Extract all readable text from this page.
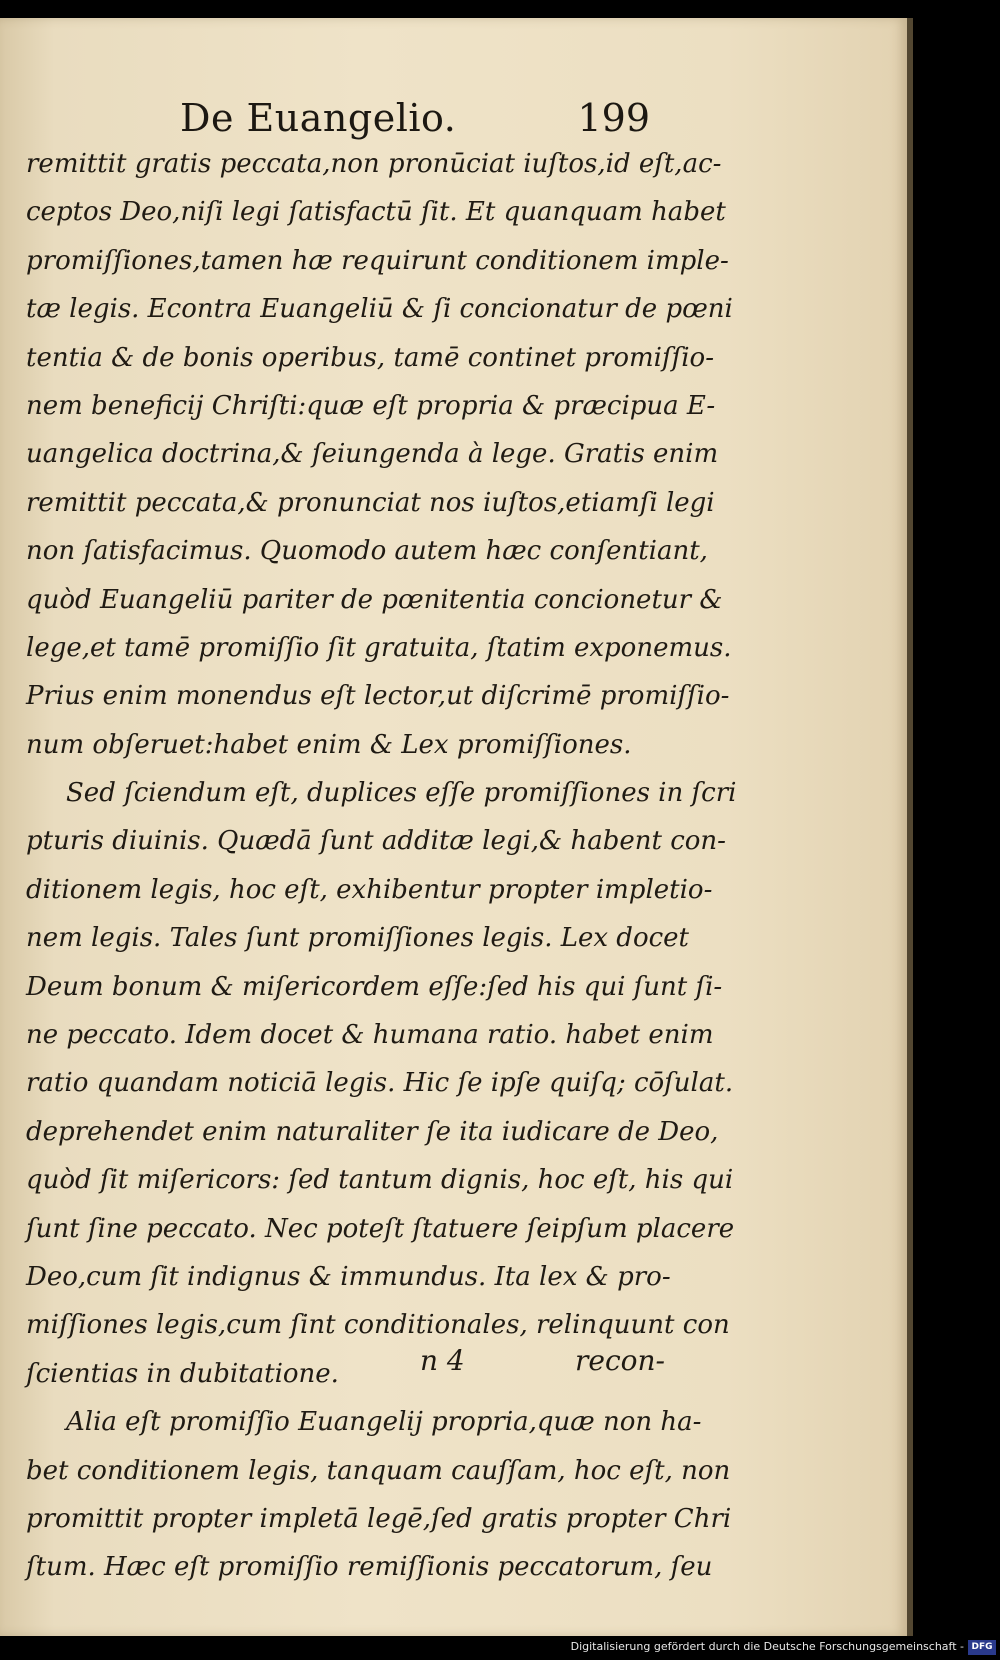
De Euangelio.	199
remittit gratis peccata,non pronūciat iuſtos,id eſt,ac-
ceptos Deo,niſi legi ſatisfactū ſit. Et quanquam habet
promiſſiones,tamen hæ requirunt conditionem imple-
tæ legis. Econtra Euangeliū & ſi concionatur de pœni
tentia & de bonis operibus, tamē continet promiſſio-
nem beneficij Chriſti:quæ eſt propria & præcipua E-
uangelica doctrina,& ſeiungenda à lege. Gratis enim
remittit peccata,& pronunciat nos iuſtos,etiamſi legi
non ſatisfacimus. Quomodo autem hæc conſentiant,
quòd Euangeliū pariter de pœnitentia concionetur &
lege,et tamē promiſſio ſit gratuita, ſtatim exponemus.
Prius enim monendus eſt lector,ut diſcrimē promiſſio-
num obſeruet:habet enim & Lex promiſſiones.
Sed ſciendum eſt, duplices eſſe promiſſiones in ſcri
pturis diuinis. Quædā ſunt additæ legi,& habent con-
ditionem legis, hoc eſt, exhibentur propter impletio-
nem legis. Tales ſunt promiſſiones legis. Lex docet
Deum bonum & miſericordem eſſe:ſed his qui ſunt ſi-
ne peccato. Idem docet & humana ratio. habet enim
ratio quandam noticiā legis. Hic ſe ipſe quiſq; cōſulat.
deprehendet enim naturaliter ſe ita iudicare de Deo,
quòd ſit miſericors: ſed tantum dignis, hoc eſt, his qui
ſunt ſine peccato. Nec poteſt ſtatuere ſeipſum placere
Deo,cum ſit indignus & immundus. Ita lex & pro-
miſſiones legis,cum ſint conditionales, relinquunt con
ſcientias in dubitatione.
Alia eſt promiſſio Euangelij propria,quæ non ha-
bet conditionem legis, tanquam cauſſam, hoc eſt, non
promittit propter impletā legē,ſed gratis propter Chri
ſtum. Hæc eſt promiſſio remiſſionis peccatorum, ſeu
n 4	recon-
Digitalisierung gefördert durch die Deutsche Forschungsgemeinschaft - DFG
